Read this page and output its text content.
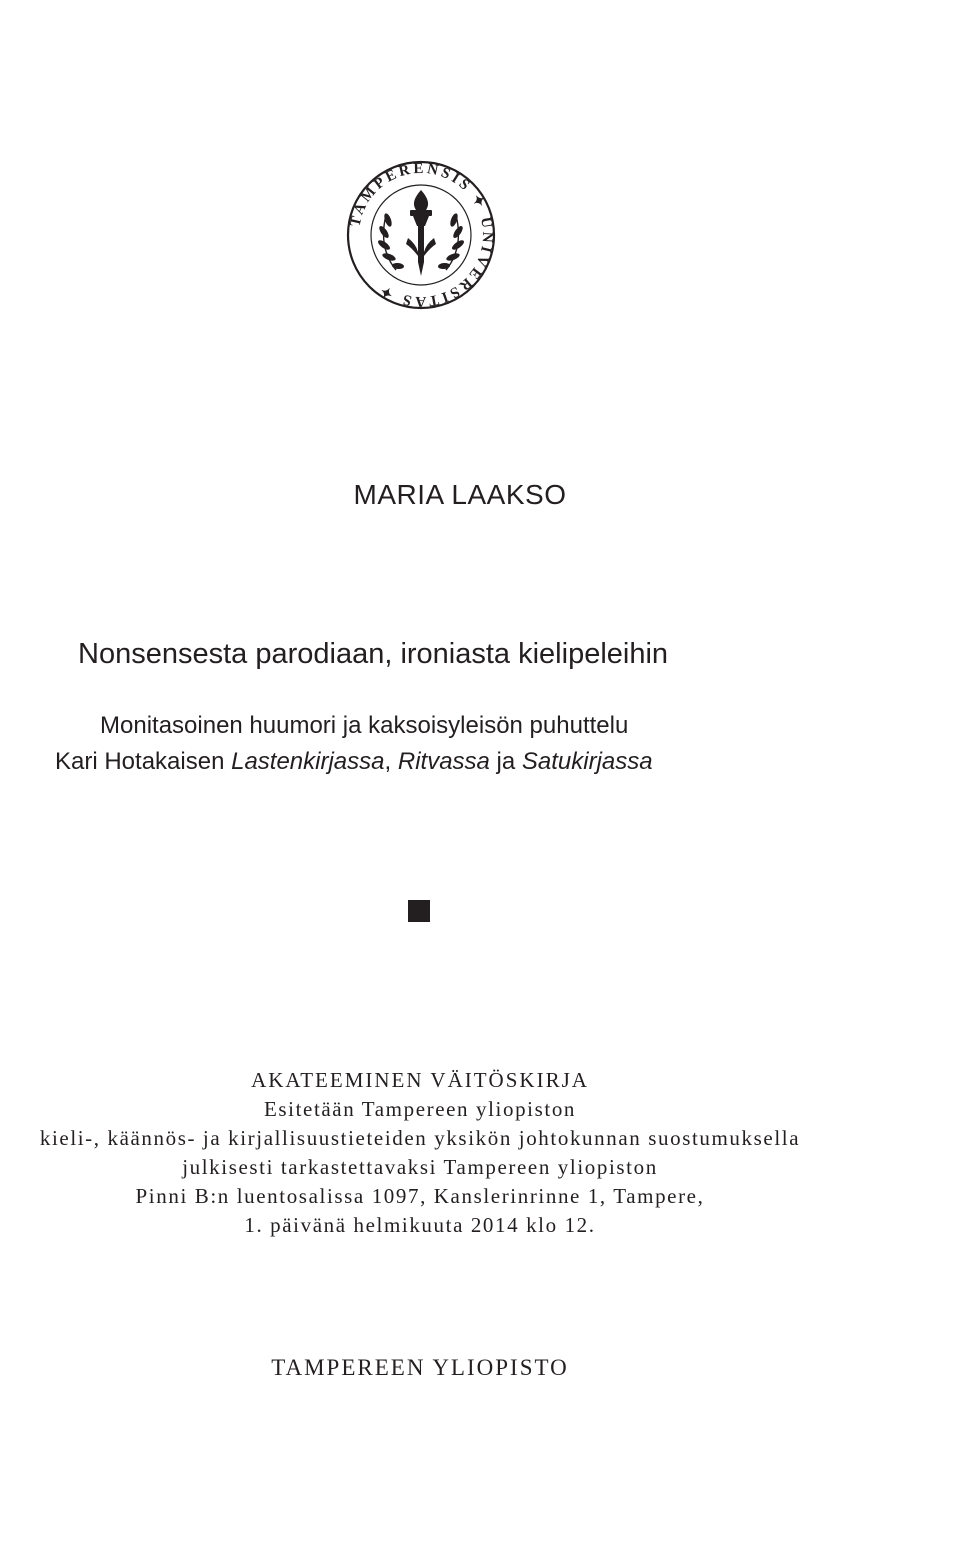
TAMPERENSIS ✦ UNIVERSITAS ✦

MARIA LAAKSO

Nonsensesta parodiaan, ironiasta kielipeleihin

Monitasoinen huumori ja kaksoisyleisön puhuttelu

Kari Hotakaisen Lastenkirjassa, Ritvassa ja Satukirjassa

AKATEEMINEN VÄITÖSKIRJA

Esitetään Tampereen yliopiston

kieli-, käännös- ja kirjallisuustieteiden yksikön johtokunnan suostumuksella

julkisesti tarkastettavaksi Tampereen yliopiston

Pinni B:n luentosalissa 1097, Kanslerinrinne 1, Tampere,

1. päivänä helmikuuta 2014 klo 12.

TAMPEREEN YLIOPISTO
